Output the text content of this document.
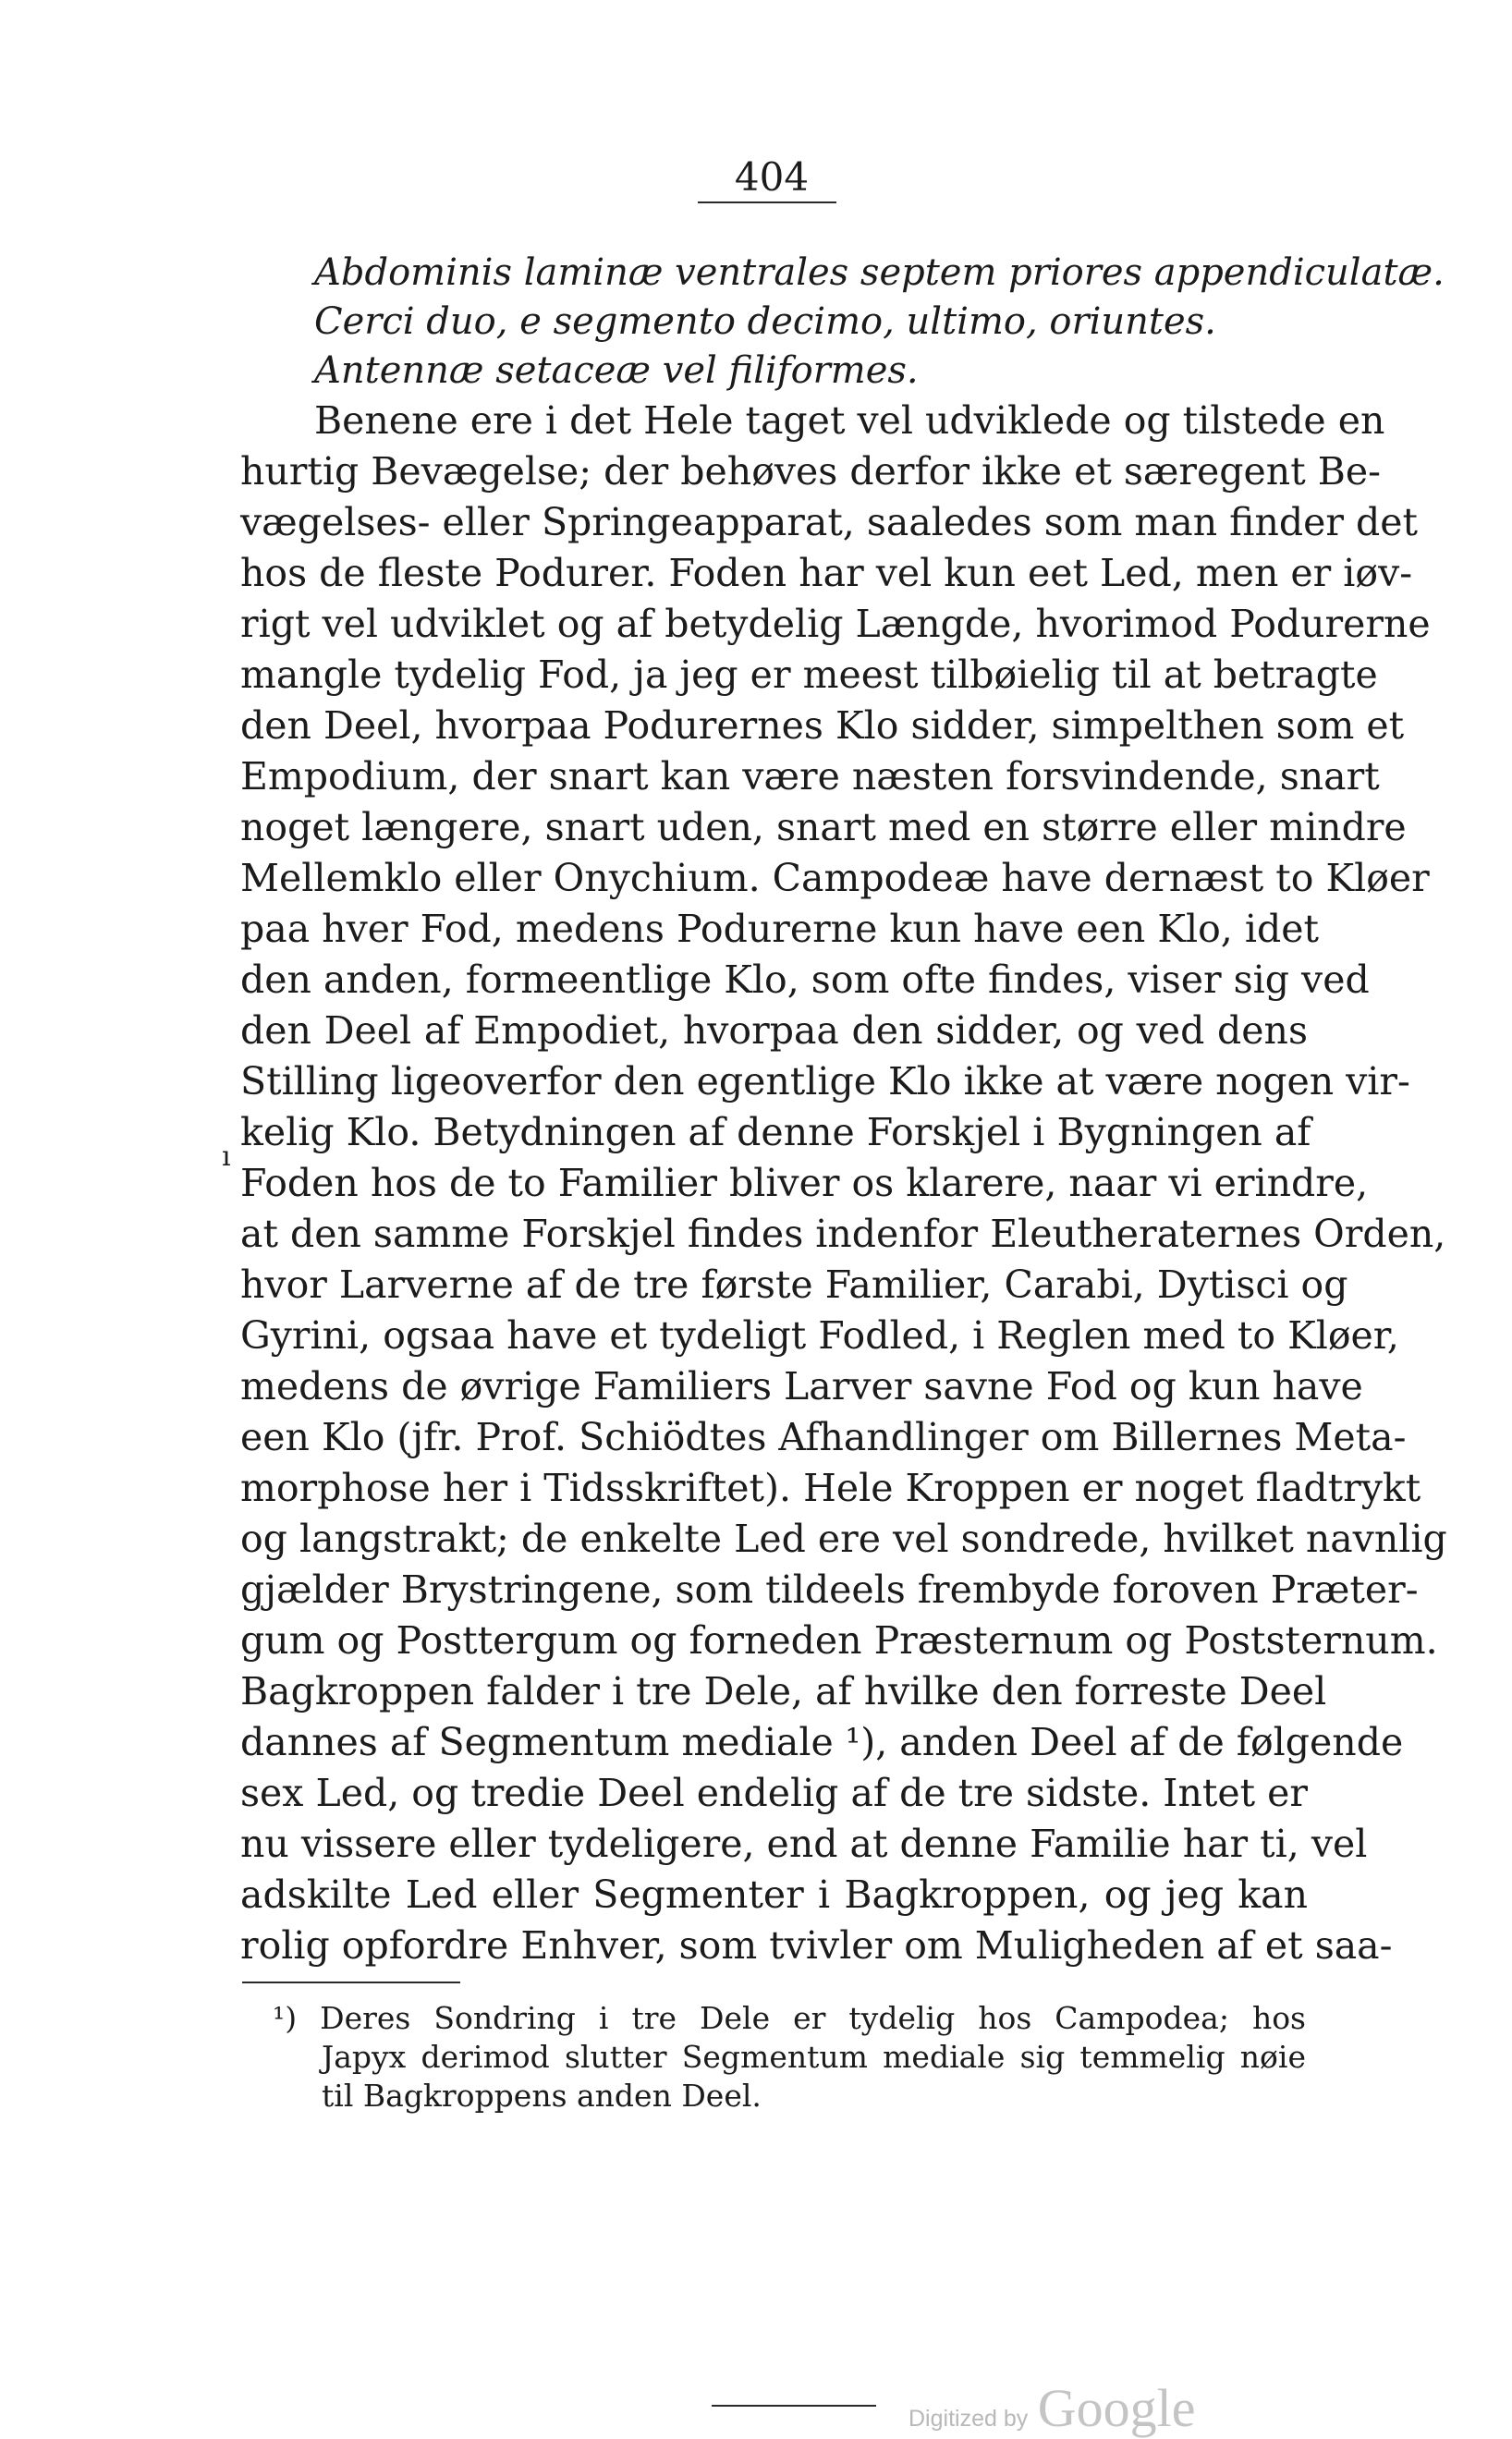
404
Abdominis laminæ ventrales septem priores appendiculatæ.
Cerci duo, e segmento decimo, ultimo, oriuntes.
Antennæ setaceæ vel filiformes.
ı
Benene ere i det Hele taget vel udviklede og tilstede en
hurtig Bevægelse; der behøves derfor ikke et særegent Be-
vægelses- eller Springeapparat, saaledes som man finder det
hos de fleste Podurer. Foden har vel kun eet Led, men er iøv-
rigt vel udviklet og af betydelig Længde, hvorimod Podurerne
mangle tydelig Fod, ja jeg er meest tilbøielig til at betragte
den Deel, hvorpaa Podurernes Klo sidder, simpelthen som et
Empodium, der snart kan være næsten forsvindende, snart
noget længere, snart uden, snart med en større eller mindre
Mellemklo eller Onychium. Campodeæ have dernæst to Kløer
paa hver Fod, medens Podurerne kun have een Klo, idet
den anden, formeentlige Klo, som ofte findes, viser sig ved
den Deel af Empodiet, hvorpaa den sidder, og ved dens
Stilling ligeoverfor den egentlige Klo ikke at være nogen vir-
kelig Klo. Betydningen af denne Forskjel i Bygningen af
Foden hos de to Familier bliver os klarere, naar vi erindre,
at den samme Forskjel findes indenfor Eleutheraternes Orden,
hvor Larverne af de tre første Familier, Carabi, Dytisci og
Gyrini, ogsaa have et tydeligt Fodled, i Reglen med to Kløer,
medens de øvrige Familiers Larver savne Fod og kun have
een Klo (jfr. Prof. Schiödtes Afhandlinger om Billernes Meta-
morphose her i Tidsskriftet). Hele Kroppen er noget fladtrykt
og langstrakt; de enkelte Led ere vel sondrede, hvilket navnlig
gjælder Brystringene, som tildeels frembyde foroven Præter-
gum og Posttergum og forneden Præsternum og Poststernum.
Bagkroppen falder i tre Dele, af hvilke den forreste Deel
dannes af Segmentum mediale ¹), anden Deel af de følgende
sex Led, og tredie Deel endelig af de tre sidste. Intet er
nu vissere eller tydeligere, end at denne Familie har ti, vel
adskilte Led eller Segmenter i Bagkroppen, og jeg kan
rolig opfordre Enhver, som tvivler om Muligheden af et saa-
¹) Deres Sondring i tre Dele er tydelig hos Campodea; hos
Japyx derimod slutter Segmentum mediale sig temmelig nøie
til Bagkroppens anden Deel.
Digitized by Google
